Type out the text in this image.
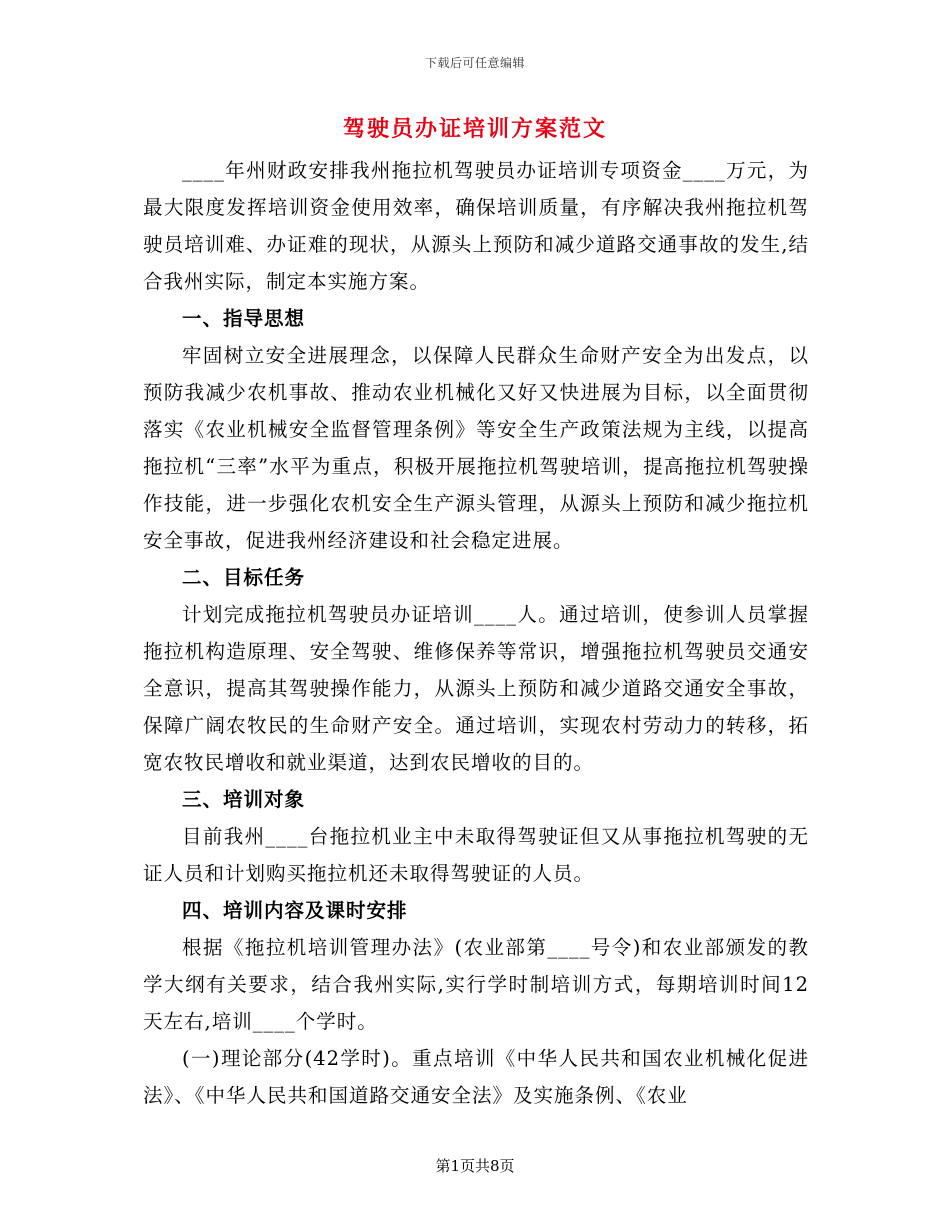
下载后可任意编辑
驾驶员办证培训方案范文

____年州财政安排我州拖拉机驾驶员办证培训专项资金____万元，为最大限度发挥培训资金使用效率，确保培训质量，有序解决我州拖拉机驾驶员培训难、办证难的现状，从源头上预防和减少道路交通事故的发生,结合我州实际，制定本实施方案。

一、指导思想

牢固树立安全进展理念，以保障人民群众生命财产安全为出发点，以预防我减少农机事故、推动农业机械化又好又快进展为目标，以全面贯彻落实《农业机械安全监督管理条例》等安全生产政策法规为主线，以提高拖拉机“三率”水平为重点，积极开展拖拉机驾驶培训，提高拖拉机驾驶操作技能，进一步强化农机安全生产源头管理，从源头上预防和减少拖拉机安全事故，促进我州经济建设和社会稳定进展。

二、目标任务

计划完成拖拉机驾驶员办证培训____人。通过培训，使参训人员掌握拖拉机构造原理、安全驾驶、维修保养等常识，增强拖拉机驾驶员交通安全意识，提高其驾驶操作能力，从源头上预防和减少道路交通安全事故，保障广阔农牧民的生命财产安全。通过培训，实现农村劳动力的转移，拓宽农牧民增收和就业渠道，达到农民增收的目的。

三、培训对象

目前我州____台拖拉机业主中未取得驾驶证但又从事拖拉机驾驶的无证人员和计划购买拖拉机还未取得驾驶证的人员。

四、培训内容及课时安排

根据《拖拉机培训管理办法》(农业部第____号令)和农业部颁发的教学大纲有关要求，结合我州实际,实行学时制培训方式，每期培训时间12天左右,培训____个学时。

(一)理论部分(42学时)。重点培训《中华人民共和国农业机械化促进法》、《中华人民共和国道路交通安全法》及实施条例、《农业

第1页共8页
